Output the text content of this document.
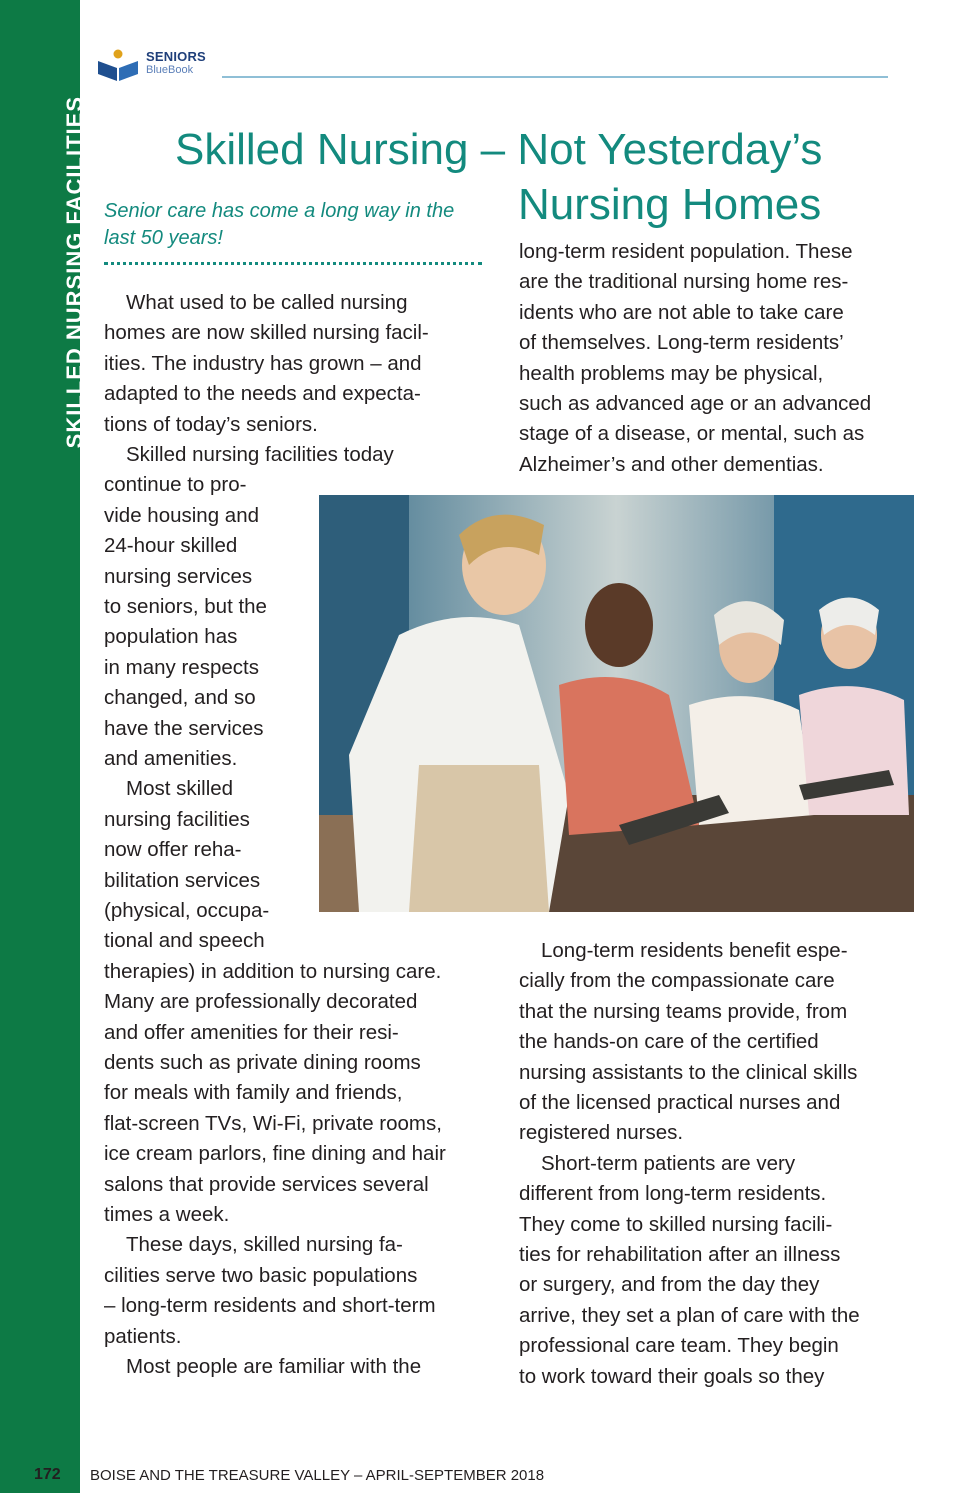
SKILLED NURSING FACILITIES
SENIORS
BlueBook
Skilled Nursing – Not Yesterday’s
Nursing Homes
Senior care has come a long way in the last 50 years!
What used to be called nursing
homes are now skilled nursing facil-
ities. The industry has grown – and
adapted to the needs and expecta-
tions of today’s seniors.
Skilled nursing facilities today
continue to pro-
vide housing and
24-hour skilled
nursing services
to seniors, but the
population has
in many respects
changed, and so
have the services
and amenities.
Most skilled
nursing facilities
now offer reha-
bilitation services
(physical, occupa-
tional and speech
therapies) in addition to nursing care.
Many are professionally decorated
and offer amenities for their resi-
dents such as private dining rooms
for meals with family and friends,
flat-screen TVs, Wi-Fi, private rooms,
ice cream parlors, fine dining and hair
salons that provide services several
times a week.
These days, skilled nursing fa-
cilities serve two basic populations
– long-term residents and short-term
patients.
Most people are familiar with the
long-term resident population. These
are the traditional nursing home res-
idents who are not able to take care
of themselves. Long-term residents’
health problems may be physical,
such as advanced age or an advanced
stage of a disease, or mental, such as
Alzheimer’s and other dementias.
Long-term residents benefit espe-
cially from the compassionate care
that the nursing teams provide, from
the hands-on care of the certified
nursing assistants to the clinical skills
of the licensed practical nurses and
registered nurses.
Short-term patients are very
different from long-term residents.
They come to skilled nursing facili-
ties for rehabilitation after an illness
or surgery, and from the day they
arrive, they set a plan of care with the
professional care team. They begin
to work toward their goals so they
172 BOISE AND THE TREASURE VALLEY – APRIL-SEPTEMBER 2018
